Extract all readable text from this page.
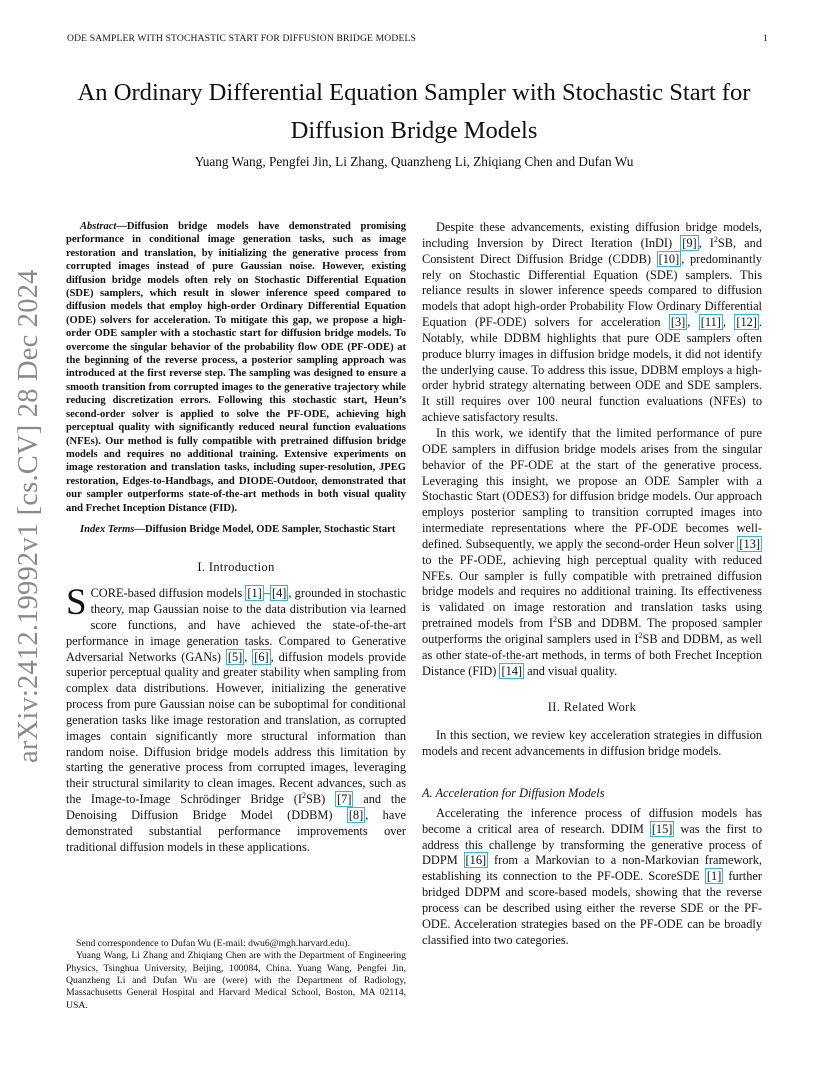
ODE SAMPLER WITH STOCHASTIC START FOR DIFFUSION BRIDGE MODELS	1
arXiv:2412.19992v1 [cs.CV] 28 Dec 2024
An Ordinary Differential Equation Sampler with Stochastic Start for Diffusion Bridge Models
Yuang Wang, Pengfei Jin, Li Zhang, Quanzheng Li, Zhiqiang Chen and Dufan Wu

Abstract—Diffusion bridge models have demonstrated promising performance in conditional image generation tasks, such as image restoration and translation, by initializing the generative process from corrupted images instead of pure Gaussian noise. However, existing diffusion bridge models often rely on Stochastic Differential Equation (SDE) samplers, which result in slower inference speed compared to diffusion models that employ high-order Ordinary Differential Equation (ODE) solvers for acceleration. To mitigate this gap, we propose a high-order ODE sampler with a stochastic start for diffusion bridge models. To overcome the singular behavior of the probability flow ODE (PF-ODE) at the beginning of the reverse process, a posterior sampling approach was introduced at the first reverse step. The sampling was designed to ensure a smooth transition from corrupted images to the generative trajectory while reducing discretization errors. Following this stochastic start, Heun’s second-order solver is applied to solve the PF-ODE, achieving high perceptual quality with significantly reduced neural function evaluations (NFEs). Our method is fully compatible with pretrained diffusion bridge models and requires no additional training. Extensive experiments on image restoration and translation tasks, including super-resolution, JPEG restoration, Edges-to-Handbags, and DIODE-Outdoor, demonstrated that our sampler outperforms state-of-the-art methods in both visual quality and Frechet Inception Distance (FID).

Index Terms—Diffusion Bridge Model, ODE Sampler, Stochastic Start

I. Introduction

SCORE-based diffusion models [1] – [4] , grounded in stochastic theory, map Gaussian noise to the data distribution via learned score functions, and have achieved the state-of-the-art performance in image generation tasks. Compared to Generative Adversarial Networks (GANs) [5] , [6] , diffusion models provide superior perceptual quality and greater stability when sampling from complex data distributions. However, initializing the generative process from pure Gaussian noise can be suboptimal for conditional generation tasks like image restoration and translation, as corrupted images contain significantly more structural information than random noise. Diffusion bridge models address this limitation by starting the generative process from corrupted images, leveraging their structural similarity to clean images. Recent advances, such as the Image-to-Image Schrödinger Bridge $(I^2SB)$ [7] and the Denoising Diffusion Bridge Model (DDBM) [8] , have demonstrated substantial performance improvements over traditional diffusion models in these applications.

Send correspondence to Dufan Wu (E-mail: dwu6@mgh.harvard.edu).

Yuang Wang, Li Zhang and Zhiqiang Chen are with the Department of Engineering Physics, Tsinghua University, Beijing, 100084, China. Yuang Wang, Pengfei Jin, Quanzheng Li and Dufan Wu are (were) with the Department of Radiology, Massachusetts General Hospital and Harvard Medical School, Boston, MA 02114, USA.

Despite these advancements, existing diffusion bridge models, including Inversion by Direct Iteration (InDI) [9] , $I^2SB$, and Consistent Direct Diffusion Bridge (CDDB) [10] , predominantly rely on Stochastic Differential Equation (SDE) samplers. This reliance results in slower inference speeds compared to diffusion models that adopt high-order Probability Flow Ordinary Differential Equation (PF-ODE) solvers for acceleration [3] , [11] , [12] . Notably, while DDBM highlights that pure ODE samplers often produce blurry images in diffusion bridge models, it did not identify the underlying cause. To address this issue, DDBM employs a high-order hybrid strategy alternating between ODE and SDE samplers. It still requires over 100 neural function evaluations (NFEs) to achieve satisfactory results.

In this work, we identify that the limited performance of pure ODE samplers in diffusion bridge models arises from the singular behavior of the PF-ODE at the start of the generative process. Leveraging this insight, we propose an ODE Sampler with a Stochastic Start (ODES3) for diffusion bridge models. Our approach employs posterior sampling to transition corrupted images into intermediate representations where the PF-ODE becomes well-defined. Subsequently, we apply the second-order Heun solver [13] to the PF-ODE, achieving high perceptual quality with reduced NFEs. Our sampler is fully compatible with pretrained diffusion bridge models and requires no additional training. Its effectiveness is validated on image restoration and translation tasks using pretrained models from $I^2SB$ and DDBM. The proposed sampler outperforms the original samplers used in $I^2SB$ and DDBM, as well as other state-of-the-art methods, in terms of both Frechet Inception Distance (FID) [14] and visual quality.

II. Related Work

In this section, we review key acceleration strategies in diffusion models and recent advancements in diffusion bridge models.

A. Acceleration for Diffusion Models

Accelerating the inference process of diffusion models has become a critical area of research. DDIM [15] was the first to address this challenge by transforming the generative process of DDPM [16] from a Markovian to a non-Markovian framework, establishing its connection to the PF-ODE. ScoreSDE [1] further bridged DDPM and score-based models, showing that the reverse process can be described using either the reverse SDE or the PF-ODE. Acceleration strategies based on the PF-ODE can be broadly classified into two categories.
